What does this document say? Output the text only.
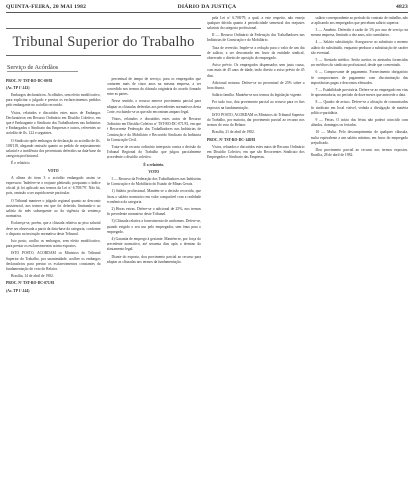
QUINTA-FEIRA, 20 MAI 1982	DIÁRIO DA JUSTIÇA	4823
Tribunal Superior do Trabalho
Serviço de Acórdãos
PROC. Nº TST-RO-DC-00/81
(Ac. TP 1º.143)
Embargos declaratórios. Acolhidos, sem efeito modificativo, para explicitar o julgado e prestar os esclarecimentos pedidos pelo embargante no acórdão recorrido.
Vistos, relatados e discutidos estes autos de Embargos Declaratórios em Recurso Ordinário em Dissídio Coletivo, em que é Embargante o Sindicato dos Trabalhadores nas Indústrias e Embargados o Sindicato das Empresas e outros, referentes ao acórdão de fls. 122 e seguintes.
O Sindicato opõe embargos de declaração ao acórdão de fls. 108/118, alegando omissão quanto ao pedido de reajustamento salarial e a incidência dos percentuais deferidos na data-base da categoria profissional.
É o relatório.
VOTO
A alínea do item 3 o acórdão embargado assim se expressou: 'Indefere-se o reajuste pleiteado, porquanto o índice oficial já foi aplicado nos termos da Lei nº 6.708/79'. Não há, pois, omissão a ser suprida neste particular.
O Tribunal manteve o julgado regional quanto ao desconto assistencial, nos termos em que foi deferido, limitando-o ao salário do mês subsequente ao da vigência da sentença normativa.
Esclareça-se, porém, que a cláusula relativa ao piso salarial deve ser observada a partir da data-base da categoria, conforme o disposto na instrução normativa deste Tribunal.
Isto posto, acolho os embargos, sem efeito modificativo, para prestar os esclarecimentos acima expostos.
ISTO POSTO, ACORDAM os Ministros do Tribunal Superior do Trabalho, por unanimidade, acolher os embargos declaratórios para prestar os esclarecimentos constantes da fundamentação do voto do Relator.
Brasília, 14 de abril de 1982.
PROC. Nº TST-RO-DC-071/81
(Ac. TP 1º.144)
percentual de tempo de serviço, para os empregados que contarem mais de cinco anos na mesma empresa, a ser concedido nos termos da cláusula originária do acordo firmado entre as partes.
Nesse sentido, o recurso merece provimento parcial para adaptar as cláusulas deferidas aos precedentes normativos desta Corte, excluindo-se as que não encontram amparo legal.
Vistos, relatados e discutidos estes autos de Recurso Ordinário em Dissídio Coletivo nº TST-RO-DC-071/81, em que é Recorrente Federação dos Trabalhadores nas Indústrias de Construção e do Mobiliário e Recorrido Sindicato da Indústria da Construção Civil.
Trata-se de recurso ordinário interposto contra a decisão do Tribunal Regional do Trabalho que julgou parcialmente procedente o dissídio coletivo.
É o relatório.
VOTO
I — Recurso da Federação dos Trabalhadores nas Indústrias de Construção e do Mobiliário do Estado de Minas Gerais.
1) Salário profissional. Mantém-se a decisão recorrida, que fixou o salário normativo em valor compatível com a realidade econômica da categoria.
2) Horas extras. Defere-se o adicional de 25%, nos termos do precedente normativo deste Tribunal.
3) Cláusula relativa a fornecimento de uniformes. Defere-se, quando exigido o seu uso pelo empregador, sem ônus para o empregado.
4) Garantia de emprego à gestante. Mantém-se, por força do precedente normativo, até sessenta dias após o término do afastamento legal.
Diante do exposto, dou provimento parcial ao recurso para adaptar as cláusulas nos termos da fundamentação.
pela Lei nº 6.708/79, a qual, a este respeito, não enseja qualquer dúvida quanto à periodicidade semestral dos reajustes salariais da categoria profissional.
II — Recurso Ordinário da Federação dos Trabalhadores nas Indústrias de Construção e do Mobiliário.
Taxa de reversão. Impõe-se a redução para o valor de um dia de salário, a ser descontado em favor da entidade sindical, observado o direito de oposição do empregado.
Aviso prévio. Os empregados dispensados sem justa causa, com mais de 45 anos de idade, terão direito a aviso prévio de 45 dias.
Adicional noturno. Defere-se no percentual de 25% sobre a hora diurna.
Salário família. Mantém-se nos termos da legislação vigente.
Por tudo isso, dou provimento parcial ao recurso para os fins expostos na fundamentação.
ISTO POSTO, ACORDAM os Ministros do Tribunal Superior do Trabalho, por maioria, dar provimento parcial ao recurso nos termos do voto do Relator.
Brasília, 21 de abril de 1982.
PROC. Nº TST-RO-DC-148/81
Vistos, relatados e discutidos estes autos de Recurso Ordinário em Dissídio Coletivo, em que são Recorrentes Sindicato dos Empregados e Sindicato das Empresas.
salário correspondente ao período do contrato de trabalho, não se aplicando aos empregados que percebam salário superior.
3 — Anuênio. Deferido à razão de 1% por ano de serviço na mesma empresa, limitado a dez anos, não cumulativo.
4 — Salário substituição. Assegura-se ao substituto o mesmo salário do substituído, enquanto perdurar a substituição de caráter não eventual.
5 — Atestado médico. Serão aceitos os atestados fornecidos por médicos do sindicato profissional, desde que conveniado.
6 — Comprovante de pagamento. Fornecimento obrigatório de comprovantes de pagamento com discriminação das importâncias pagas e descontos efetuados.
7 — Estabilidade provisória. Defere-se ao empregado em vias de aposentadoria, no período de doze meses que antecede a data.
8 — Quadro de avisos. Defere-se a afixação de comunicados do sindicato em local visível, vedada a divulgação de matéria político-partidária.
9 — Férias. O início das férias não poderá coincidir com sábados, domingos ou feriados.
10 — Multa. Pelo descumprimento de qualquer cláusula, multa equivalente a um salário mínimo, em favor do empregado prejudicado.
Dou provimento parcial ao recurso nos termos expostos. Brasília, 28 de abril de 1982.
